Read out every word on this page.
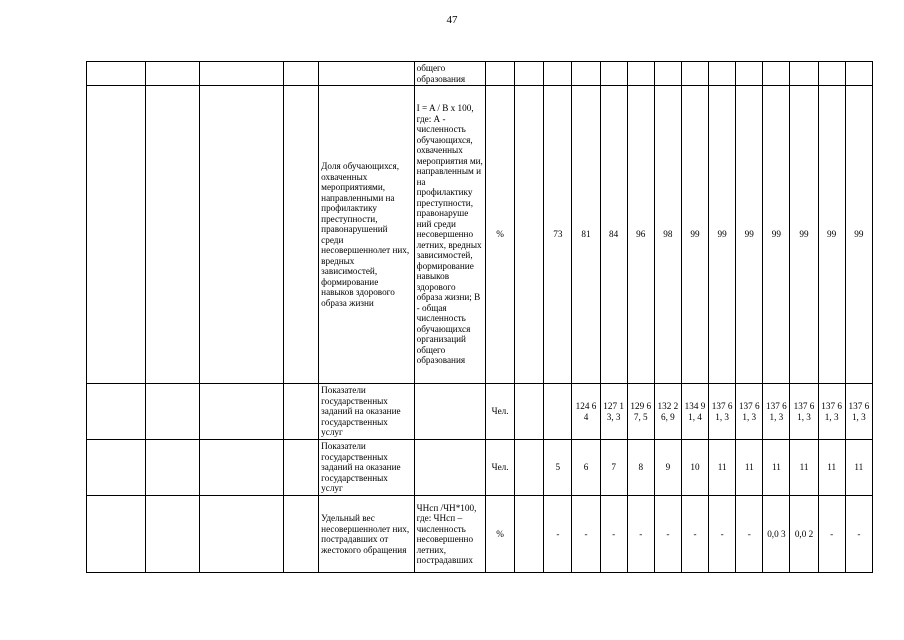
47
					общего образования														
				Доля обучающихся, охваченных мероприятиями, направленными на профилактику преступности, правонарушений среди несовершеннолет них, вредных зависимостей, формирование навыков здорового образа жизни	I = A / B х 100, где: А - численность обучающихся, охваченных мероприятия ми, направленным и на профилактику преступности, правонаруше ний среди несовершенно летних, вредных зависимостей, формирование навыков здорового образа жизни; В - общая численность обучающихся организаций общего образования	%		73	81	84	96	98	99	99	99	99	99	99	99
				Показатели государственных заданий на оказание государственных услуг		Чел.			124 64	127 13, 3	129 67, 5	132 26, 9	134 91, 4	137 61, 3	137 61, 3	137 61, 3	137 61, 3	137 61, 3	137 61, 3
				Показатели государственных заданий на оказание государственных услуг		Чел.		5	6	7	8	9	10	11	11	11	11	11	11
				Удельный вес несовершеннолет них, пострадавших от жестокого обращения	ЧНсп /ЧН*100, где: ЧНсп – численность несовершенно летних, пострадавших	%		-	-	-	-	-	-	-	-	0,0 3	0,0 2	-	-
